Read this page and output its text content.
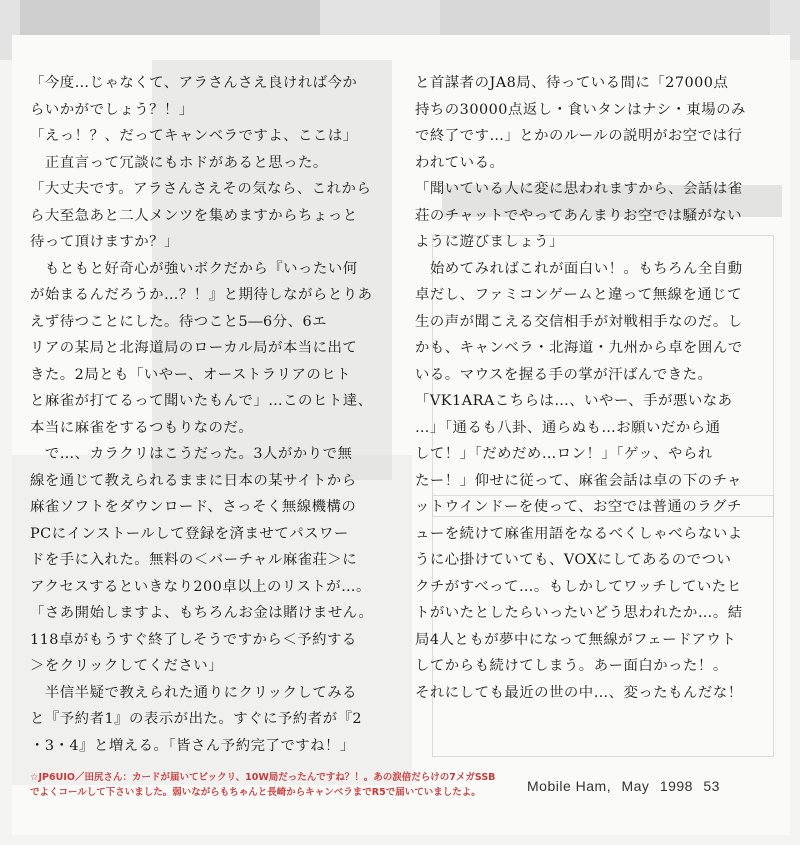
「今度…じゃなくて、アラさんさえ良ければ今か

らいかがでしょう？！」

「えっ！？、だってキャンベラですよ、ここは」

　正直言って冗談にもホドがあると思った。

「大丈夫です。アラさんさえその気なら、これから

ら大至急あと二人メンツを集めますからちょっと

待って頂けますか？」

　もともと好奇心が強いボクだから『いったい何

が始まるんだろうか…？！』と期待しながらとりあ

えず待つことにした。待つこと5―6分、6エ

リアの某局と北海道局のローカル局が本当に出て

きた。2局とも「いやー、オーストラリアのヒト

と麻雀が打てるって聞いたもんで」…このヒト達、

本当に麻雀をするつもりなのだ。

　で…、カラクリはこうだった。3人がかりで無

線を通じて教えられるままに日本の某サイトから

麻雀ソフトをダウンロード、さっそく無線機構の

PCにインストールして登録を済ませてパスワー

ドを手に入れた。無料の＜バーチャル麻雀荘＞に

アクセスするといきなり200卓以上のリストが…。

「さあ開始しますよ、もちろんお金は賭けません。

118卓がもうすぐ終了しそうですから＜予約する

＞をクリックしてください」

　半信半疑で教えられた通りにクリックしてみる

と『予約者1』の表示が出た。すぐに予約者が『2

・3・4』と増える。「皆さん予約完了ですね！」

と首謀者のJA8局、待っている間に「27000点

持ちの30000点返し・食いタンはナシ・東場のみ

で終了です…」とかのルールの説明がお空では行

われている。

「聞いている人に変に思われますから、会話は雀

荘のチャットでやってあんまりお空では騒がない

ように遊びましょう」

　始めてみればこれが面白い！。もちろん全自動

卓だし、ファミコンゲームと違って無線を通じて

生の声が聞こえる交信相手が対戦相手なのだ。し

かも、キャンベラ・北海道・九州から卓を囲んで

いる。マウスを握る手の掌が汗ばんできた。

「VK1ARAこちらは…、いやー、手が悪いなあ

…」「通るも八卦、通らぬも…お願いだから通

して！」「だめだめ…ロン！」「ゲッ、やられ

たー！」仰せに従って、麻雀会話は卓の下のチャ

ットウインドーを使って、お空では普通のラグチ

ューを続けて麻雀用語をなるべくしゃべらないよ

うに心掛けていても、VOXにしてあるのでつい

クチがすべって…。もしかしてワッチしていたヒ

トがいたとしたらいったいどう思われたか…。結

局4人ともが夢中になって無線がフェードアウト

してからも続けてしまう。あー面白かった！。

それにしても最近の世の中…、変ったもんだな！

☆JP6UIO／田尻さん：カードが届いてビックリ、10W局だったんですね？！。あの涙倍だらけの7メガSSB

でよくコールして下さいました。弱いながらもちゃんと長崎からキャンベラまでR5で届いていましたよ。	Mobile Ham, May 1998 53
